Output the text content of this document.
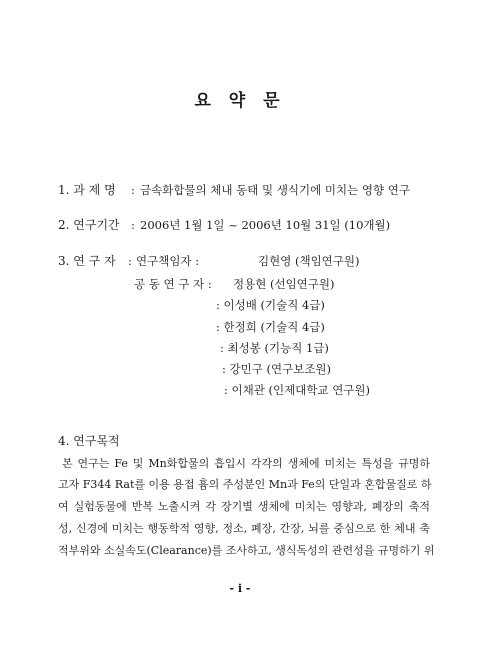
요 약 문
1. 과 제 명 : 금속화합물의 체내 동태 및 생식기에 미치는 영향 연구
2. 연구기간 : 2006년 1월 1일 ~ 2006년 10월 31일 (10개월)
3. 연 구 자 : 연구책임자 :	김현영 (책임연구원)
공 동 연 구 자 : 정용현 (선임연구원)
: 이성배 (기술직 4급)
: 한정희 (기술직 4급)
: 최성봉 (기능직 1급)
: 강민구 (연구보조원)
: 이채관 (인제대학교 연구원)
4. 연구목적
본 연구는 Fe 및 Mn화합물의 흡입시 각각의 생체에 미치는 특성을 규명하
고자 F344 Rat를 이용 용접 흄의 주성분인 Mn과 Fe의 단일과 혼합물질로 하
여 실험동물에 반복 노출시켜 각 장기별 생체에 미치는 영향과, 폐장의 축적
성, 신경에 미치는 행동학적 영향, 정소, 폐장, 간장, 뇌를 중심으로 한 체내 축
적부위와 소실속도(Clearance)를 조사하고, 생식독성의 관련성을 규명하기 위
- i -
